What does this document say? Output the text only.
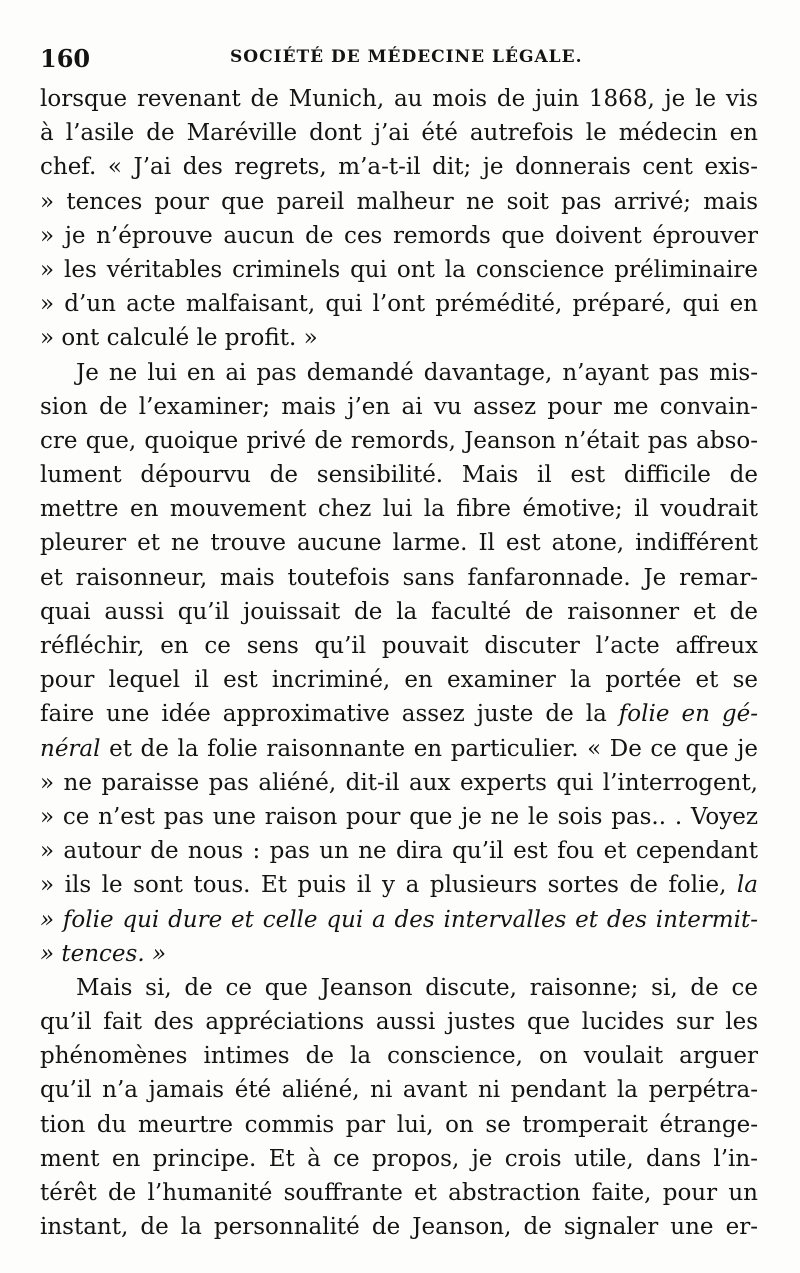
160	SOCIÉTÉ DE MÉDECINE LÉGALE.
lorsque revenant de Munich, au mois de juin 1868, je le vis
à l’asile de Maréville dont j’ai été autrefois le médecin en
chef. « J’ai des regrets, m’a-t-il dit; je donnerais cent exis-
» tences pour que pareil malheur ne soit pas arrivé; mais
» je n’éprouve aucun de ces remords que doivent éprouver
» les véritables criminels qui ont la conscience préliminaire
» d’un acte malfaisant, qui l’ont prémédité, préparé, qui en
» ont calculé le profit. »
Je ne lui en ai pas demandé davantage, n’ayant pas mis-
sion de l’examiner; mais j’en ai vu assez pour me convain-
cre que, quoique privé de remords, Jeanson n’était pas abso-
lument dépourvu de sensibilité. Mais il est difficile de
mettre en mouvement chez lui la fibre émotive; il voudrait
pleurer et ne trouve aucune larme. Il est atone, indifférent
et raisonneur, mais toutefois sans fanfaronnade. Je remar-
quai aussi qu’il jouissait de la faculté de raisonner et de
réfléchir, en ce sens qu’il pouvait discuter l’acte affreux
pour lequel il est incriminé, en examiner la portée et se
faire une idée approximative assez juste de la folie en gé-
néral et de la folie raisonnante en particulier. « De ce que je
» ne paraisse pas aliéné, dit-il aux experts qui l’interrogent,
» ce n’est pas une raison pour que je ne le sois pas.. . Voyez
» autour de nous : pas un ne dira qu’il est fou et cependant
» ils le sont tous. Et puis il y a plusieurs sortes de folie, la
» folie qui dure et celle qui a des intervalles et des intermit-
» tences. »
Mais si, de ce que Jeanson discute, raisonne; si, de ce
qu’il fait des appréciations aussi justes que lucides sur les
phénomènes intimes de la conscience, on voulait arguer
qu’il n’a jamais été aliéné, ni avant ni pendant la perpétra-
tion du meurtre commis par lui, on se tromperait étrange-
ment en principe. Et à ce propos, je crois utile, dans l’in-
térêt de l’humanité souffrante et abstraction faite, pour un
instant, de la personnalité de Jeanson, de signaler une er-
